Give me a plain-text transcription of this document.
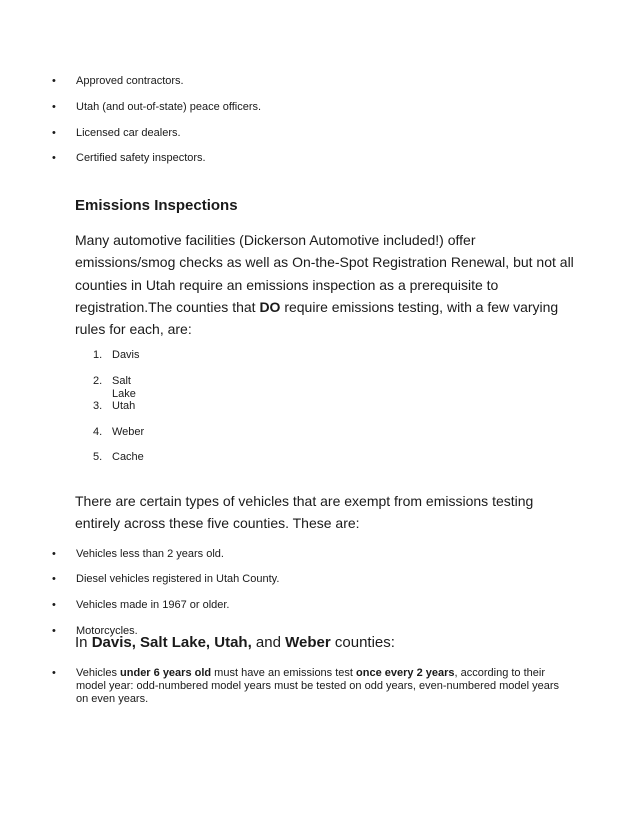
• Approved contractors.
• Utah (and out-of-state) peace officers.
• Licensed car dealers.
• Certified safety inspectors.
Emissions Inspections
Many automotive facilities (Dickerson Automotive included!) offer
emissions/smog checks as well as On-the-Spot Registration Renewal, but not all
counties in Utah require an emissions inspection as a prerequisite to
registration.The counties that DO require emissions testing, with a few varying
rules for each, are:
1. Davis
2. Salt Lake
3. Utah
4. Weber
5. Cache
There are certain types of vehicles that are exempt from emissions testing
entirely across these five counties. These are:
• Vehicles less than 2 years old.
• Diesel vehicles registered in Utah County.
• Vehicles made in 1967 or older.
• Motorcycles.
In Davis, Salt Lake, Utah, and Weber counties:
• Vehicles under 6 years old must have an emissions test once every 2 years, according to their
model year: odd-numbered model years must be tested on odd years, even-numbered model years
on even years.
